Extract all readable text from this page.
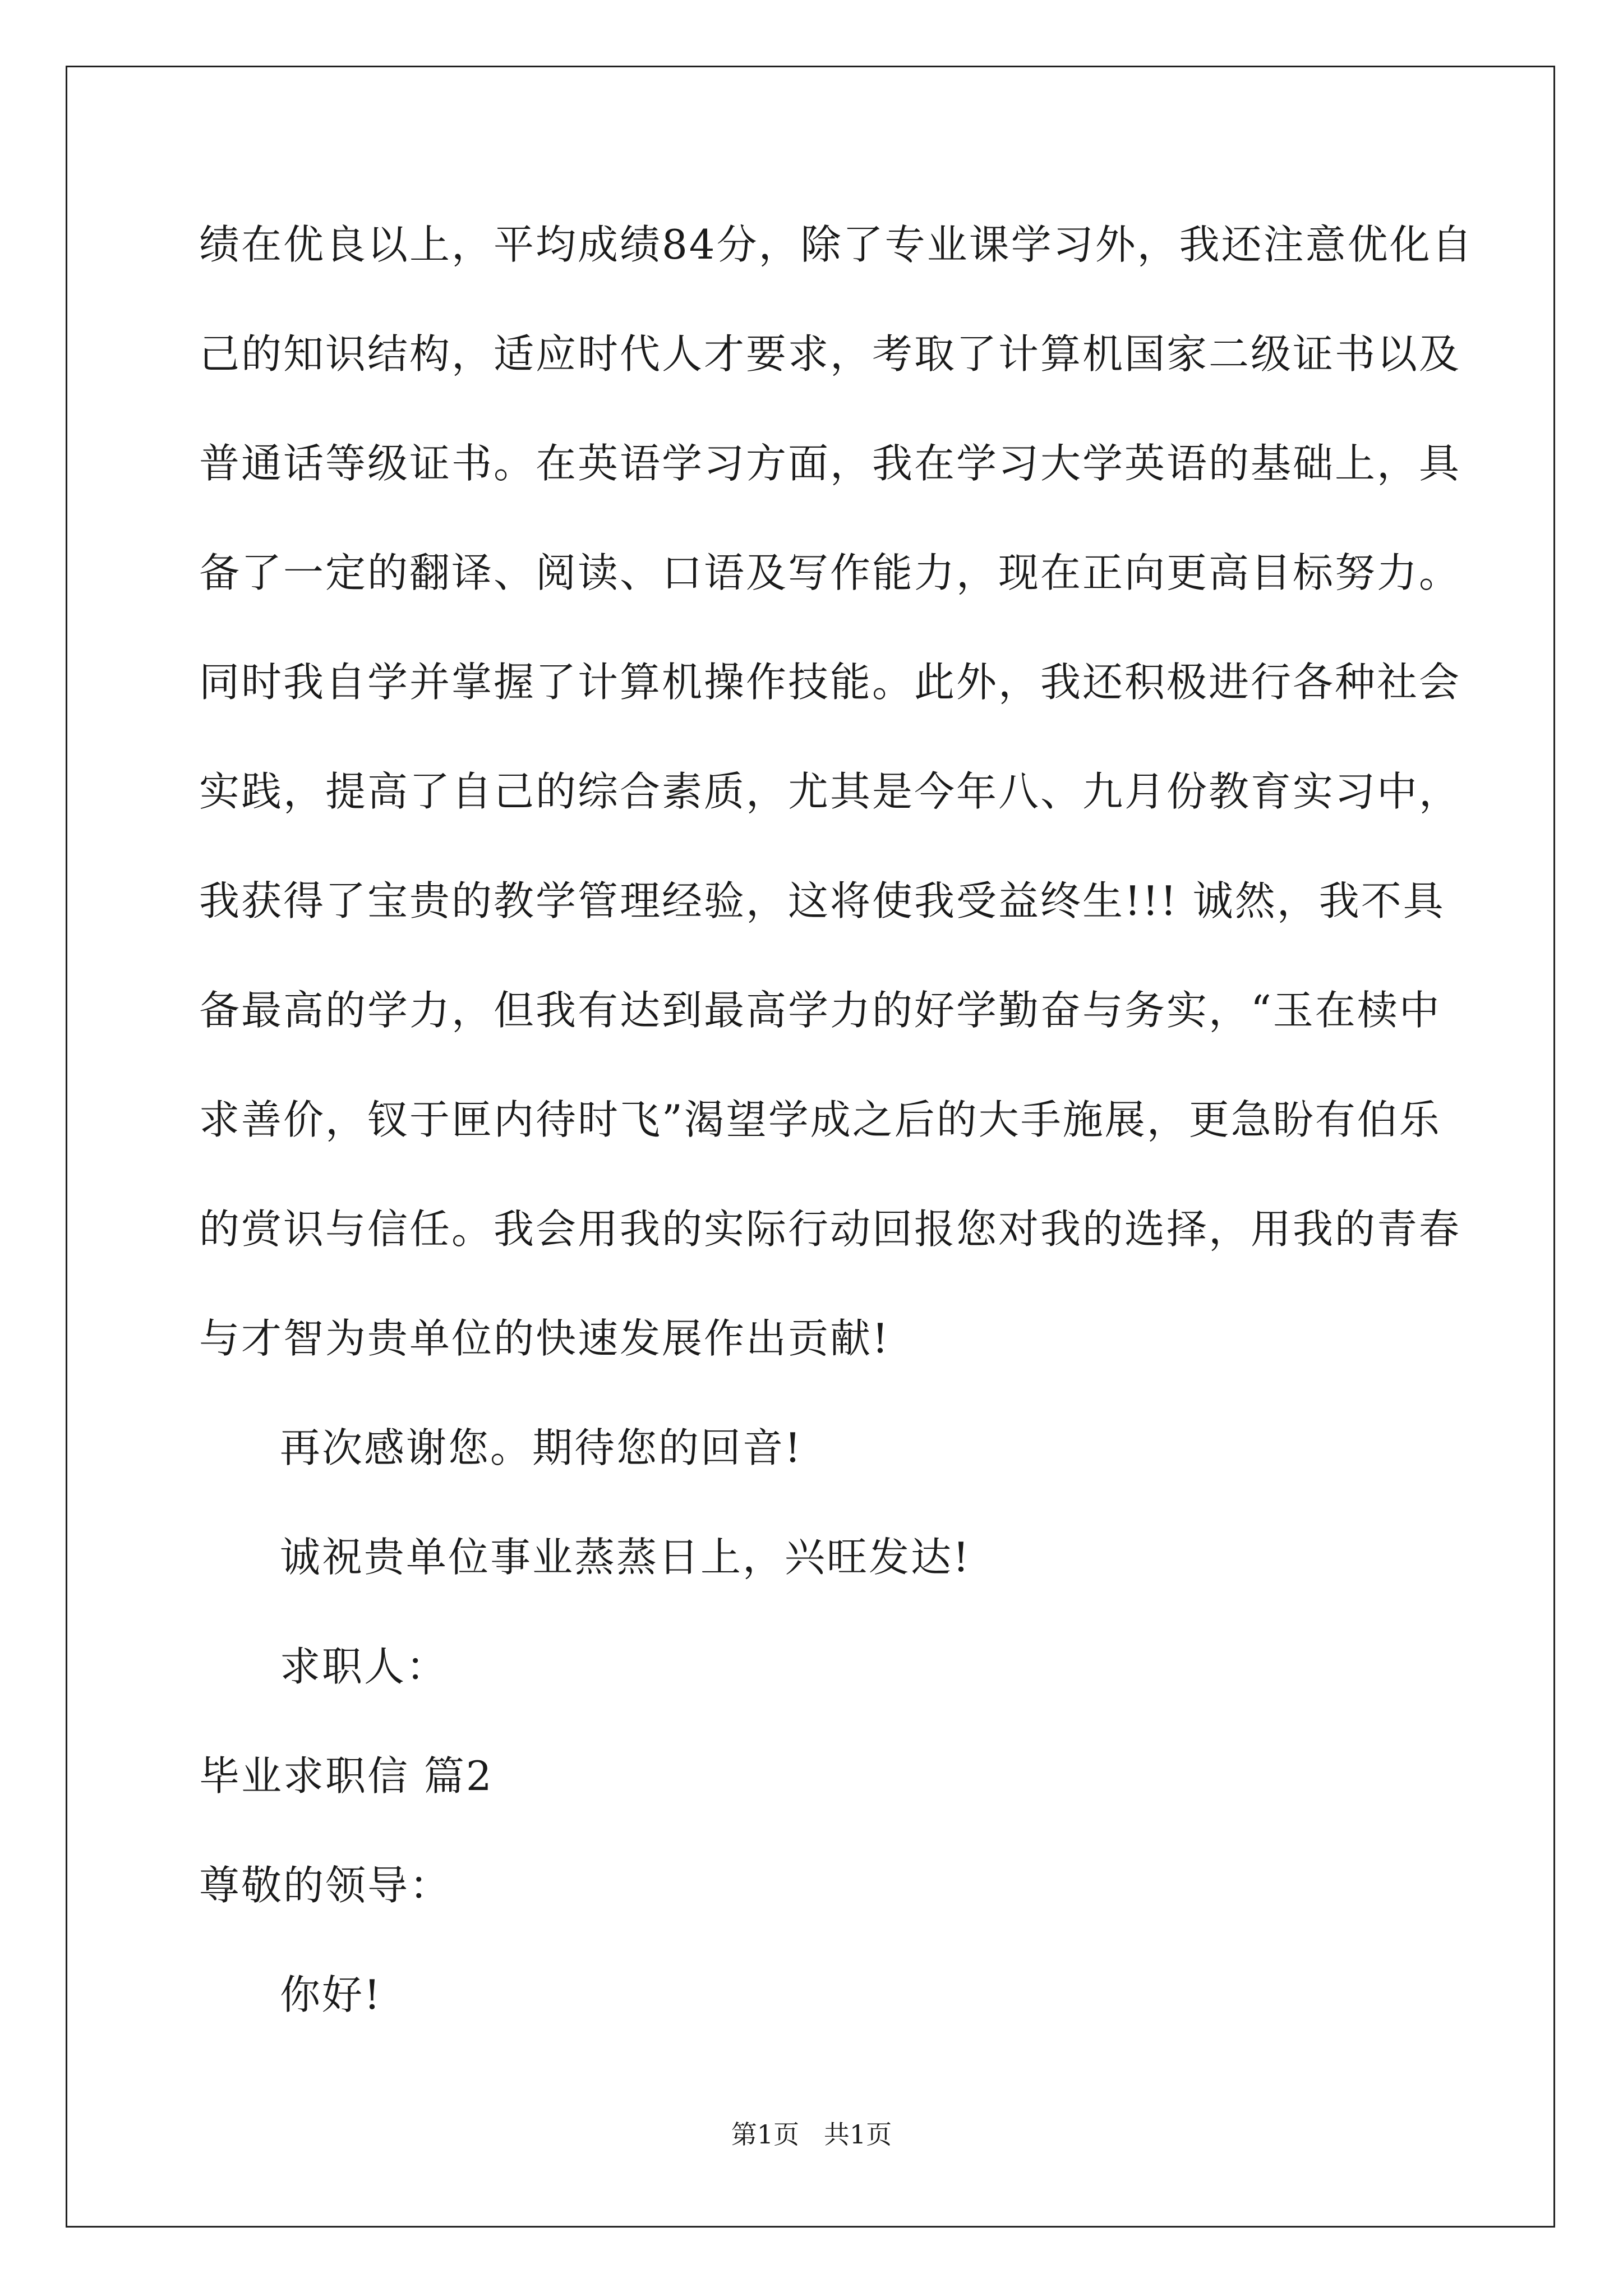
绩在优良以上，平均成绩84分，除了专业课学习外，我还注意优化自
己的知识结构，适应时代人才要求，考取了计算机国家二级证书以及
普通话等级证书。在英语学习方面，我在学习大学英语的基础上，具
备了一定的翻译、阅读、口语及写作能力，现在正向更高目标努力。
同时我自学并掌握了计算机操作技能。此外，我还积极进行各种社会
实践，提高了自己的综合素质，尤其是今年八、九月份教育实习中，
我获得了宝贵的教学管理经验，这将使我受益终生!!! 诚然，我不具
备最高的学力，但我有达到最高学力的好学勤奋与务实，“玉在椟中
求善价，钗于匣内待时飞”渴望学成之后的大手施展，更急盼有伯乐
的赏识与信任。我会用我的实际行动回报您对我的选择，用我的青春
与才智为贵单位的快速发展作出贡献!
再次感谢您。期待您的回音!
诚祝贵单位事业蒸蒸日上，兴旺发达!
求职人：
毕业求职信 篇2
尊敬的领导：
你好!
第1页   共1页
